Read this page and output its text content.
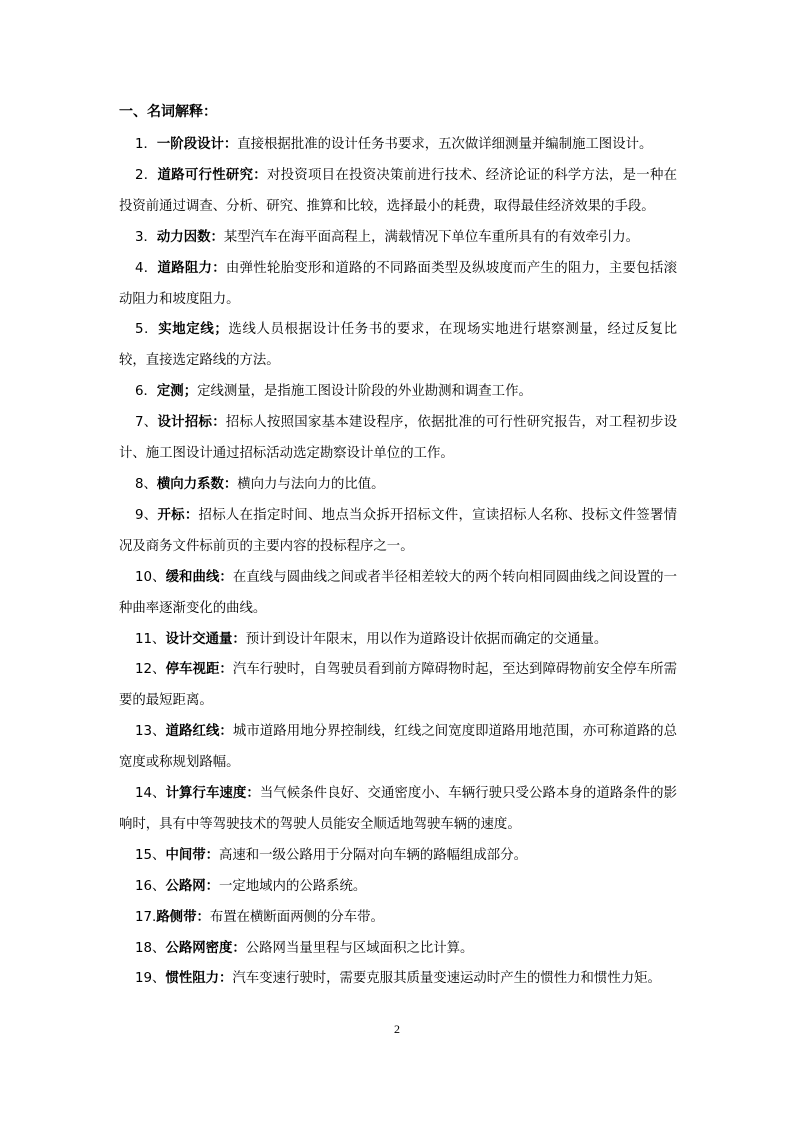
一、名词解释：

1．一阶段设计：直接根据批准的设计任务书要求，五次做详细测量并编制施工图设计。

2．道路可行性研究：对投资项目在投资决策前进行技术、经济论证的科学方法，是一种在投资前通过调查、分析、研究、推算和比较，选择最小的耗费，取得最佳经济效果的手段。

3．动力因数：某型汽车在海平面高程上，满载情况下单位车重所具有的有效牵引力。

4．道路阻力：由弹性轮胎变形和道路的不同路面类型及纵坡度而产生的阻力，主要包括滚动阻力和坡度阻力。

5．实地定线；选线人员根据设计任务书的要求，在现场实地进行堪察测量，经过反复比较，直接选定路线的方法。

6．定测；定线测量，是指施工图设计阶段的外业勘测和调查工作。

7、设计招标：招标人按照国家基本建设程序，依据批准的可行性研究报告，对工程初步设计、施工图设计通过招标活动选定勘察设计单位的工作。

8、横向力系数：横向力与法向力的比值。

9、开标：招标人在指定时间、地点当众拆开招标文件，宣读招标人名称、投标文件签署情况及商务文件标前页的主要内容的投标程序之一。

10、缓和曲线：在直线与圆曲线之间或者半径相差较大的两个转向相同圆曲线之间设置的一种曲率逐渐变化的曲线。

11、设计交通量：预计到设计年限末，用以作为道路设计依据而确定的交通量。

12、停车视距：汽车行驶时，自驾驶员看到前方障碍物时起，至达到障碍物前安全停车所需要的最短距离。

13、道路红线：城市道路用地分界控制线，红线之间宽度即道路用地范围，亦可称道路的总宽度或称规划路幅。

14、计算行车速度：当气候条件良好、交通密度小、车辆行驶只受公路本身的道路条件的影响时，具有中等驾驶技术的驾驶人员能安全顺适地驾驶车辆的速度。

15、中间带：高速和一级公路用于分隔对向车辆的路幅组成部分。

16、公路网：一定地域内的公路系统。

17.路侧带：布置在横断面两侧的分车带。

18、公路网密度：公路网当量里程与区域面积之比计算。

19、惯性阻力：汽车变速行驶时，需要克服其质量变速运动时产生的惯性力和惯性力矩。

2
